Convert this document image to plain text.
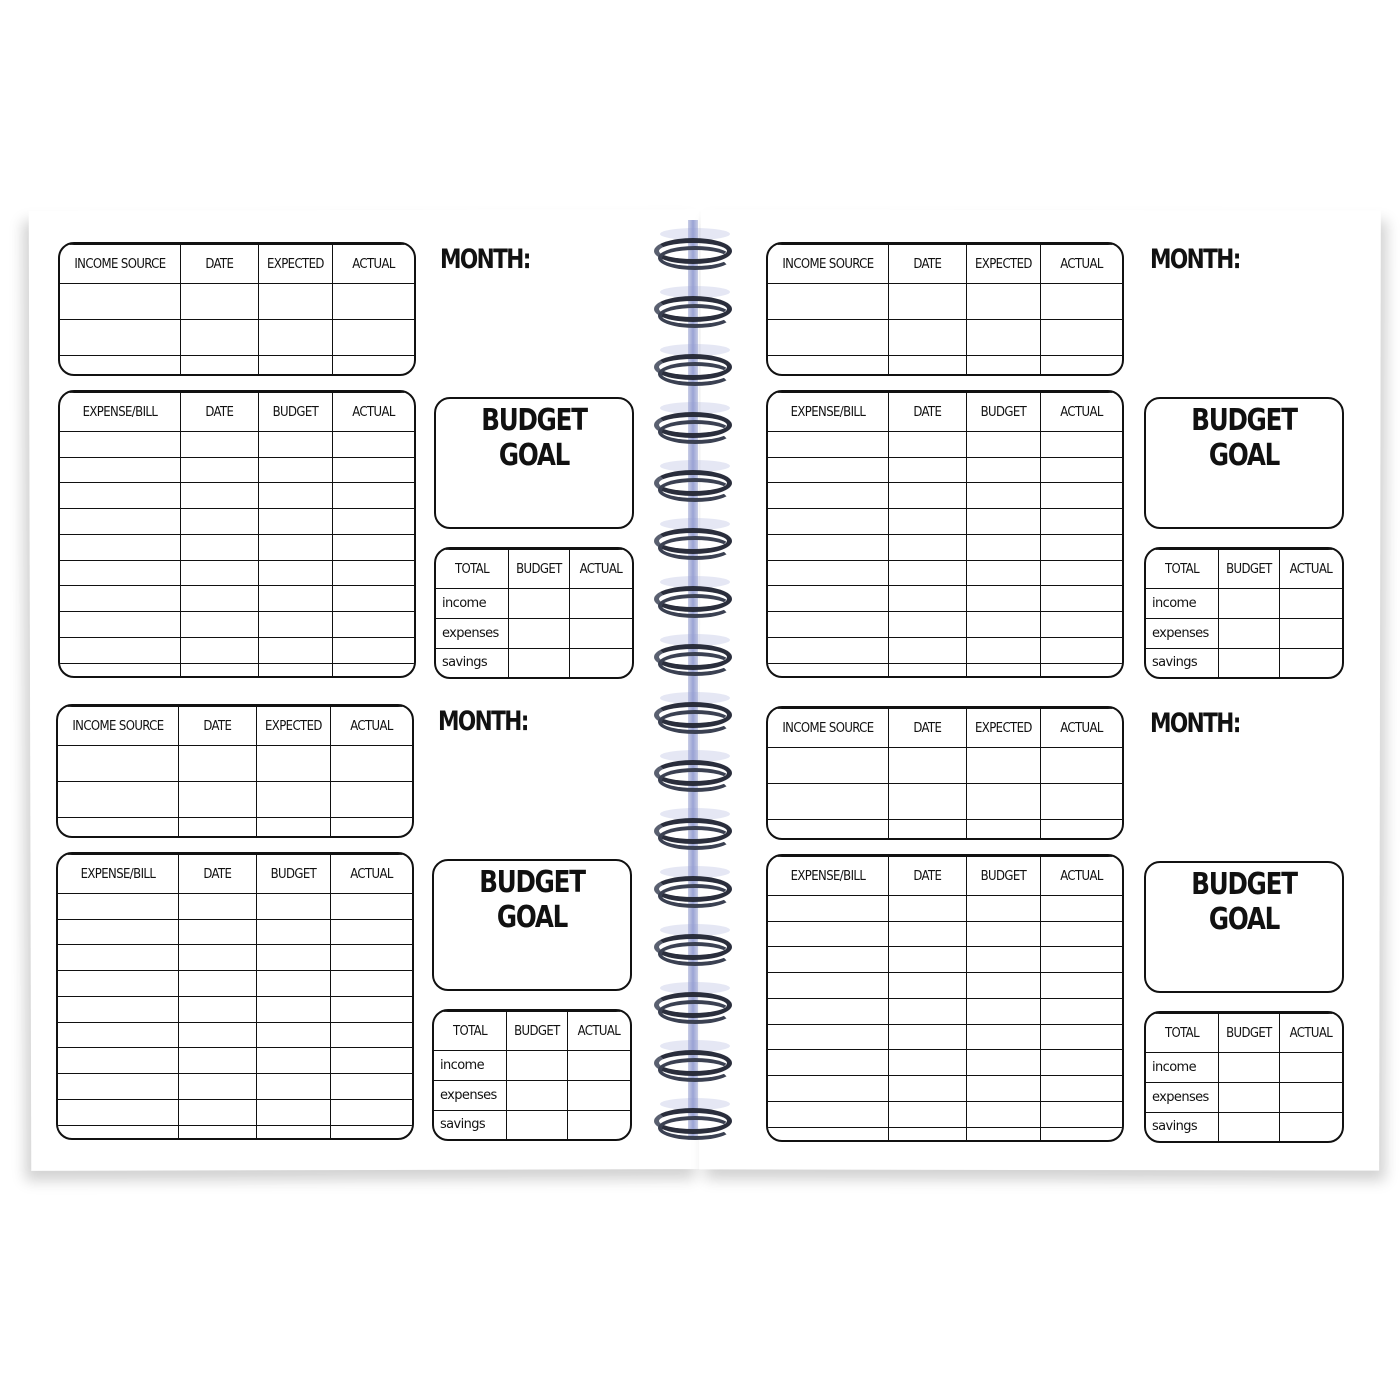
INCOME SOURCE	DATE	EXPECTED	ACTUAL

EXPENSE/BILL	DATE	BUDGET	ACTUAL

MONTH:
BUDGET GOAL
TOTAL	BUDGET	ACTUAL
income		
expenses		
savings		
INCOME SOURCE	DATE	EXPECTED	ACTUAL

EXPENSE/BILL	DATE	BUDGET	ACTUAL

MONTH:
BUDGET GOAL
TOTAL	BUDGET	ACTUAL
income		
expenses		
savings		
INCOME SOURCE	DATE	EXPECTED	ACTUAL

EXPENSE/BILL	DATE	BUDGET	ACTUAL

MONTH:
BUDGET GOAL
TOTAL	BUDGET	ACTUAL
income		
expenses		
savings		
INCOME SOURCE	DATE	EXPECTED	ACTUAL

EXPENSE/BILL	DATE	BUDGET	ACTUAL

MONTH:
BUDGET GOAL
TOTAL	BUDGET	ACTUAL
income		
expenses		
savings		
